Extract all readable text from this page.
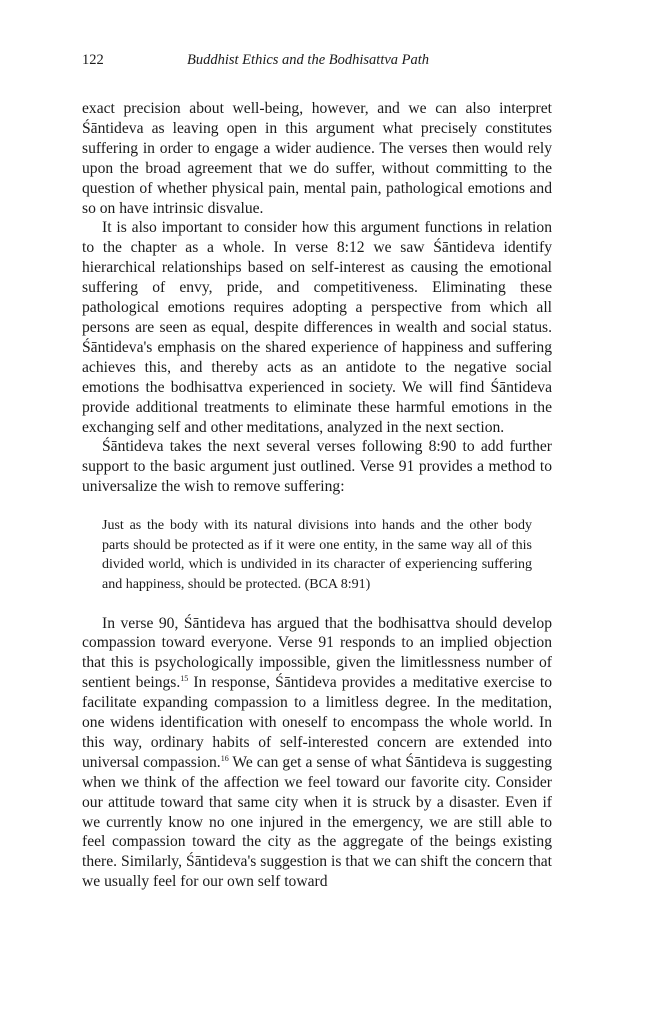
122	Buddhist Ethics and the Bodhisattva Path

exact precision about well-being, however, and we can also interpret Śāntideva as leaving open in this argument what precisely constitutes suffering in order to engage a wider audience. The verses then would rely upon the broad agreement that we do suffer, without committing to the question of whether physical pain, mental pain, pathological emotions and so on have intrinsic disvalue.

It is also important to consider how this argument functions in relation to the chapter as a whole. In verse 8:12 we saw Śāntideva identify hierarchical relationships based on self-interest as causing the emotional suffering of envy, pride, and competitiveness. Eliminating these pathological emotions requires adopting a perspective from which all persons are seen as equal, despite differences in wealth and social status. Śāntideva's emphasis on the shared experience of happiness and suffering achieves this, and thereby acts as an antidote to the negative social emotions the bodhisattva experienced in society. We will find Śāntideva provide additional treatments to eliminate these harmful emotions in the exchanging self and other meditations, analyzed in the next section.

Śāntideva takes the next several verses following 8:90 to add further support to the basic argument just outlined. Verse 91 provides a method to universalize the wish to remove suffering:

Just as the body with its natural divisions into hands and the other body parts should be protected as if it were one entity, in the same way all of this divided world, which is undivided in its character of experiencing suffering and happiness, should be protected. (BCA 8:91)

In verse 90, Śāntideva has argued that the bodhisattva should develop compassion toward everyone. Verse 91 responds to an implied objection that this is psychologically impossible, given the limitlessness number of sentient beings.$^{15}$ In response, Śāntideva provides a meditative exercise to facilitate expanding compassion to a limitless degree. In the meditation, one widens identification with oneself to encompass the whole world. In this way, ordinary habits of self-interested concern are extended into universal compassion.$^{16}$ We can get a sense of what Śāntideva is suggesting when we think of the affection we feel toward our favorite city. Consider our attitude toward that same city when it is struck by a disaster. Even if we currently know no one injured in the emergency, we are still able to feel compassion toward the city as the aggregate of the beings existing there. Similarly, Śāntideva's suggestion is that we can shift the concern that we usually feel for our own self toward
